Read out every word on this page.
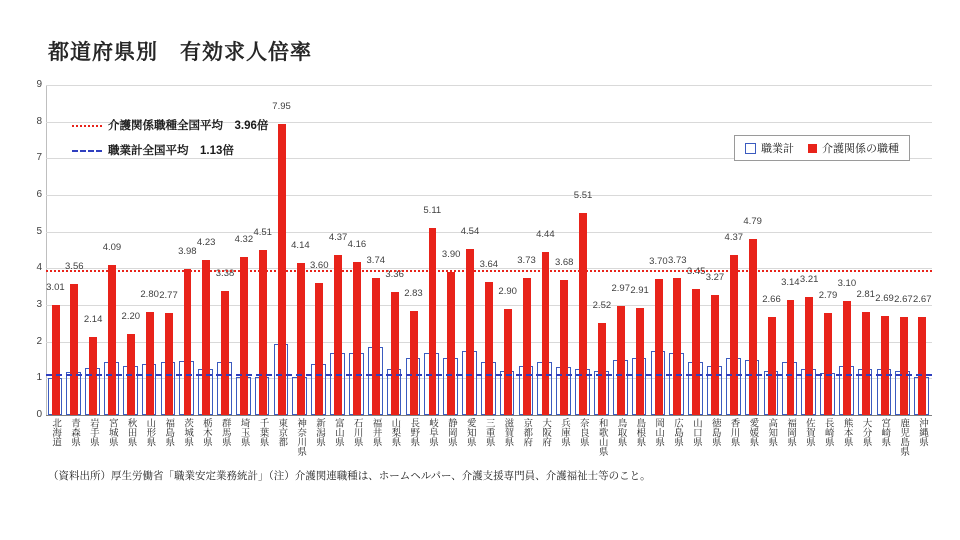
都道府県別　有効求人倍率
0
1
2
3
4
5
6
7
8
9
3.01
3.56
2.14
4.09
2.20
2.80 2.77
3.98
4.23
3.38
4.32
4.51
7.95
4.14
3.60
4.37
4.16
3.74
3.36
2.83
5.11
3.90
4.54
3.64
2.90
3.73
4.44
3.68
5.51
2.52
2.97 2.91
3.70 3.73
3.45
3.27
4.37
4.79
2.66
3.14 3.21
2.79
3.10
2.81 2.69 2.67 2.67
介護関係職種全国平均　3.96倍
職業計全国平均　1.13倍	職業計	介護関係の職種
北海道 青森県 岩手県 宮城県 秋田県 山形県 福島県 茨城県 栃木県 群馬県 埼玉県 千葉県 東京都 神奈川県 新潟県 富山県 石川県 福井県 山梨県 長野県 岐阜県 静岡県 愛知県 三重県 滋賀県 京都府 大阪府 兵庫県 奈良県 和歌山県 鳥取県 島根県 岡山県 広島県 山口県 徳島県 香川県 愛媛県 高知県 福岡県 佐賀県 長崎県 熊本県 大分県 宮崎県 鹿児島県 沖縄県
（資料出所）厚生労働省「職業安定業務統計」（注）介護関連職種は、ホームヘルパー、介護支援専門員、介護福祉士等のこと。
